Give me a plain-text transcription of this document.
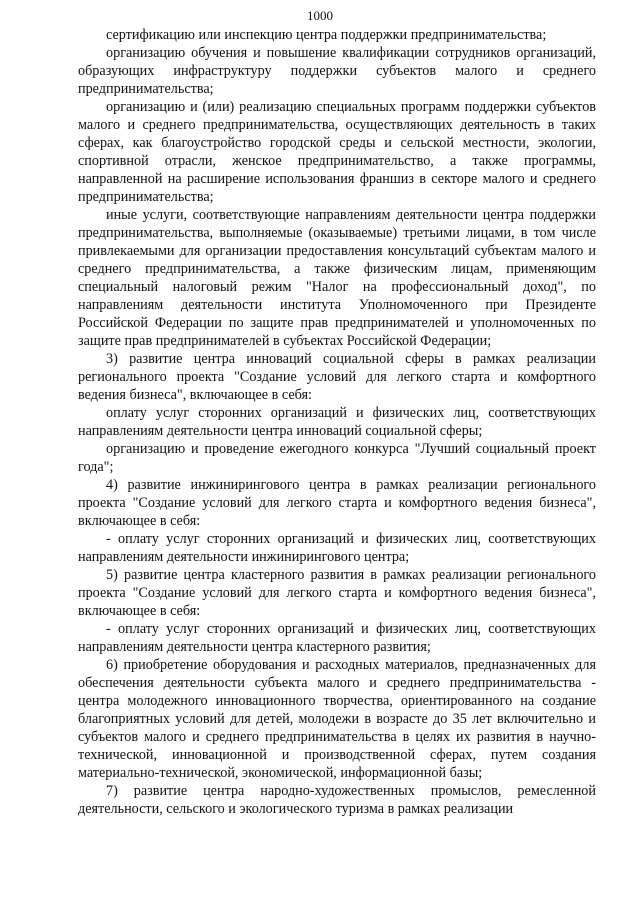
1000

сертификацию или инспекцию центра поддержки предпринимательства;

организацию обучения и повышение квалификации сотрудников организаций, образующих инфраструктуру поддержки субъектов малого и среднего предпринимательства;

организацию и (или) реализацию специальных программ поддержки субъектов малого и среднего предпринимательства, осуществляющих деятельность в таких сферах, как благоустройство городской среды и сельской местности, экологии, спортивной отрасли, женское предпринимательство, а также программы, направленной на расширение использования франшиз в секторе малого и среднего предпринимательства;

иные услуги, соответствующие направлениям деятельности центра поддержки предпринимательства, выполняемые (оказываемые) третьими лицами, в том числе привлекаемыми для организации предоставления консультаций субъектам малого и среднего предпринимательства, а также физическим лицам, применяющим специальный налоговый режим "Налог на профессиональный доход", по направлениям деятельности института Уполномоченного при Президенте Российской Федерации по защите прав предпринимателей и уполномоченных по защите прав предпринимателей в субъектах Российской Федерации;

3) развитие центра инноваций социальной сферы в рамках реализации регионального проекта "Создание условий для легкого старта и комфортного ведения бизнеса", включающее в себя:

оплату услуг сторонних организаций и физических лиц, соответствующих направлениям деятельности центра инноваций социальной сферы;

организацию и проведение ежегодного конкурса "Лучший социальный проект года";

4) развитие инжинирингового центра в рамках реализации регионального проекта "Создание условий для легкого старта и комфортного ведения бизнеса", включающее в себя:

- оплату услуг сторонних организаций и физических лиц, соответствующих направлениям деятельности инжинирингового центра;

5) развитие центра кластерного развития в рамках реализации регионального проекта "Создание условий для легкого старта и комфортного ведения бизнеса", включающее в себя:

- оплату услуг сторонних организаций и физических лиц, соответствующих направлениям деятельности центра кластерного развития;

6) приобретение оборудования и расходных материалов, предназначенных для обеспечения деятельности субъекта малого и среднего предпринимательства - центра молодежного инновационного творчества, ориентированного на создание благоприятных условий для детей, молодежи в возрасте до 35 лет включительно и субъектов малого и среднего предпринимательства в целях их развития в научно-технической, инновационной и производственной сферах, путем создания материально-технической, экономической, информационной базы;

7) развитие центра народно-художественных промыслов, ремесленной деятельности, сельского и экологического туризма в рамках реализации
